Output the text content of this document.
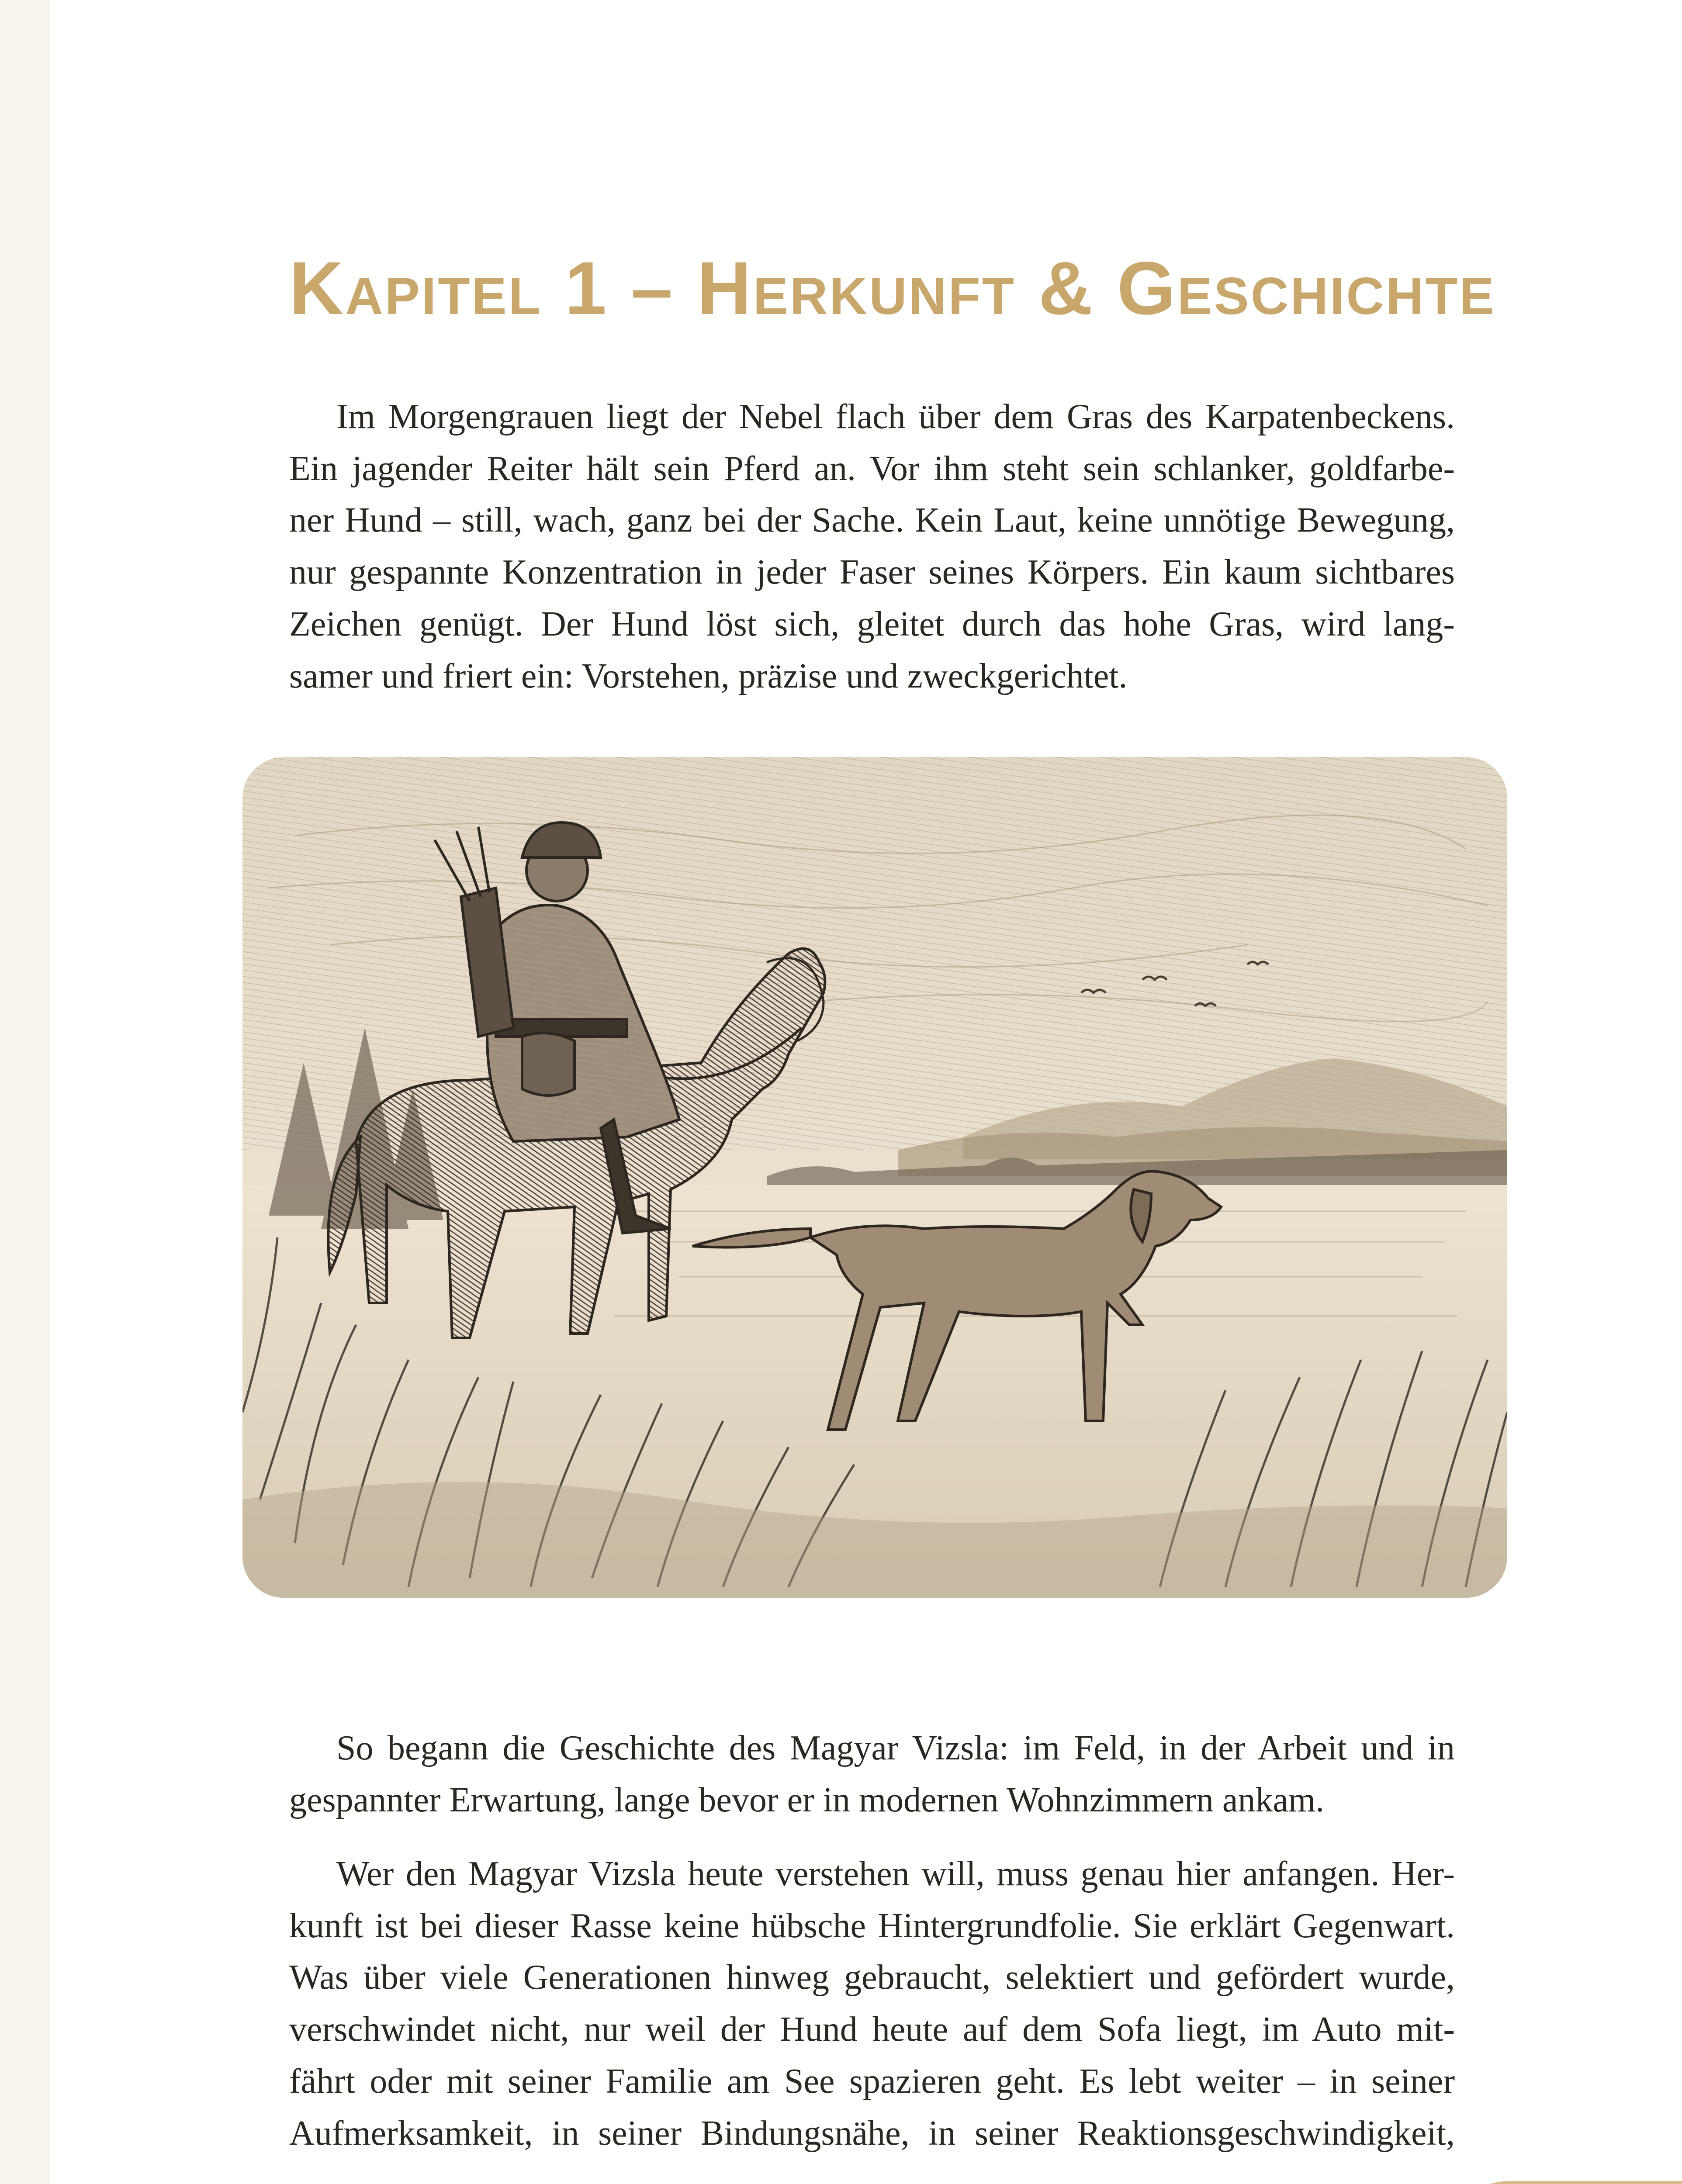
Kapitel 1 – Herkunft & Geschichte

Im Morgengrauen liegt der Nebel flach über dem Gras des Karpatenbeckens.
Ein jagender Reiter hält sein Pferd an. Vor ihm steht sein schlanker, goldfarbe-
ner Hund – still, wach, ganz bei der Sache. Kein Laut, keine unnötige Bewegung,
nur gespannte Konzentration in jeder Faser seines Körpers. Ein kaum sichtbares
Zeichen genügt. Der Hund löst sich, gleitet durch das hohe Gras, wird lang-
samer und friert ein: Vorstehen, präzise und zweckgerichtet.

So begann die Geschichte des Magyar Vizsla: im Feld, in der Arbeit und in
gespannter Erwartung, lange bevor er in modernen Wohnzimmern ankam.

Wer den Magyar Vizsla heute verstehen will, muss genau hier anfangen. Her-
kunft ist bei dieser Rasse keine hübsche Hintergrundfolie. Sie erklärt Gegenwart.
Was über viele Generationen hinweg gebraucht, selektiert und gefördert wurde,
verschwindet nicht, nur weil der Hund heute auf dem Sofa liegt, im Auto mit-
fährt oder mit seiner Familie am See spazieren geht. Es lebt weiter – in seiner
Aufmerksamkeit, in seiner Bindungsnähe, in seiner Reaktionsgeschwindigkeit,
